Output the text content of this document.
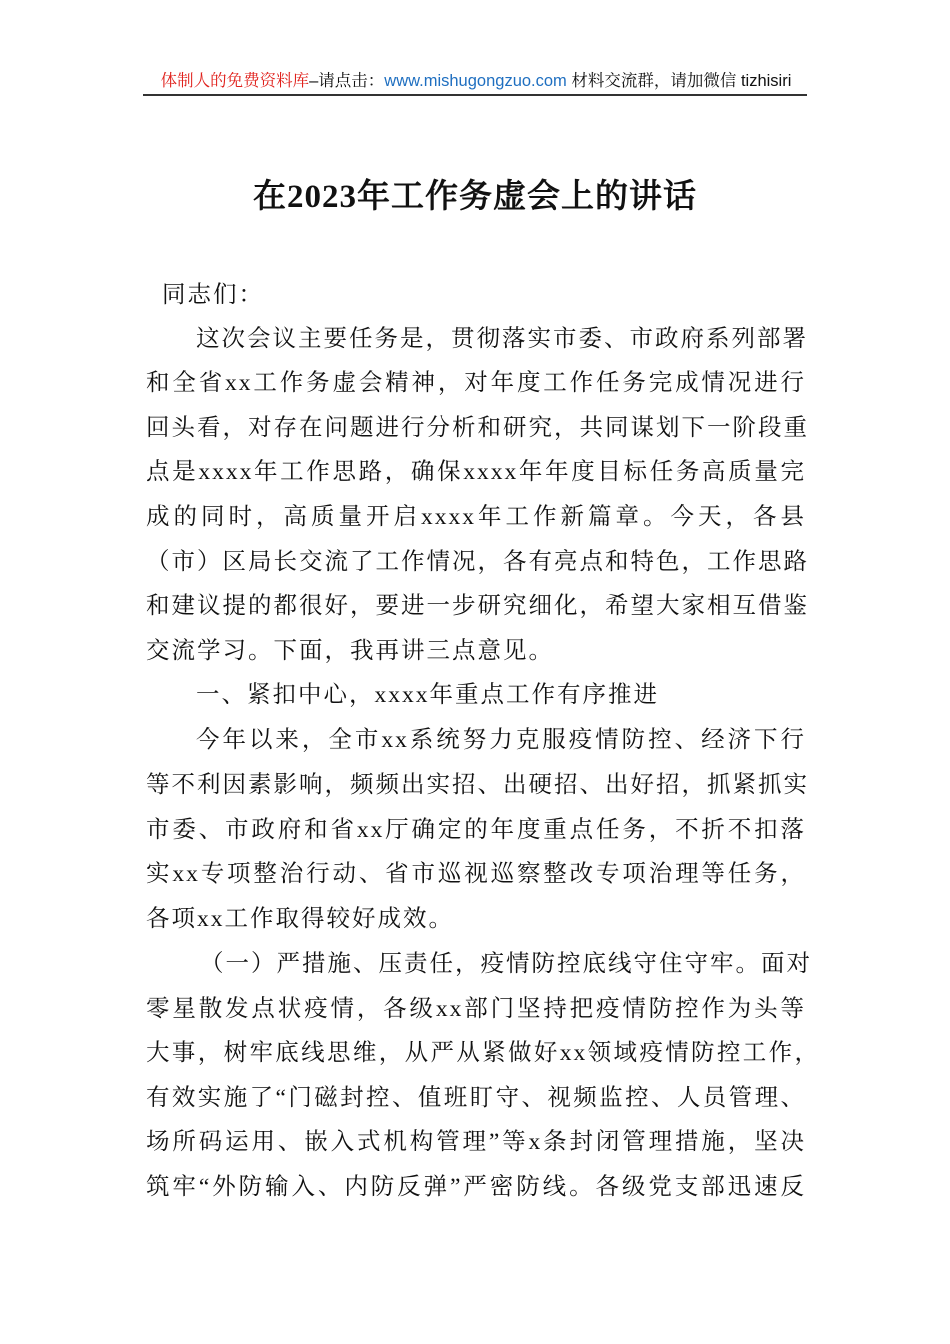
体制人的免费资料库–请点击：www.mishugongzuo.com 材料交流群，请加微信 tizhisiri
在2023年工作务虚会上的讲话
同志们：
这次会议主要任务是，贯彻落实市委、市政府系列部署
和全省xx工作务虚会精神，对年度工作任务完成情况进行
回头看，对存在问题进行分析和研究，共同谋划下一阶段重
点是xxxx年工作思路，确保xxxx年年度目标任务高质量完
成的同时，高质量开启xxxx年工作新篇章。今天，各县
（市）区局长交流了工作情况，各有亮点和特色，工作思路
和建议提的都很好，要进一步研究细化，希望大家相互借鉴
交流学习。下面，我再讲三点意见。
一、紧扣中心，xxxx年重点工作有序推进
今年以来，全市xx系统努力克服疫情防控、经济下行
等不利因素影响，频频出实招、出硬招、出好招，抓紧抓实
市委、市政府和省xx厅确定的年度重点任务，不折不扣落
实xx专项整治行动、省市巡视巡察整改专项治理等任务，
各项xx工作取得较好成效。
（一）严措施、压责任，疫情防控底线守住守牢。面对
零星散发点状疫情，各级xx部门坚持把疫情防控作为头等
大事，树牢底线思维，从严从紧做好xx领域疫情防控工作，
有效实施了“门磁封控、值班盯守、视频监控、人员管理、
场所码运用、嵌入式机构管理”等x条封闭管理措施，坚决
筑牢“外防输入、内防反弹”严密防线。各级党支部迅速反
